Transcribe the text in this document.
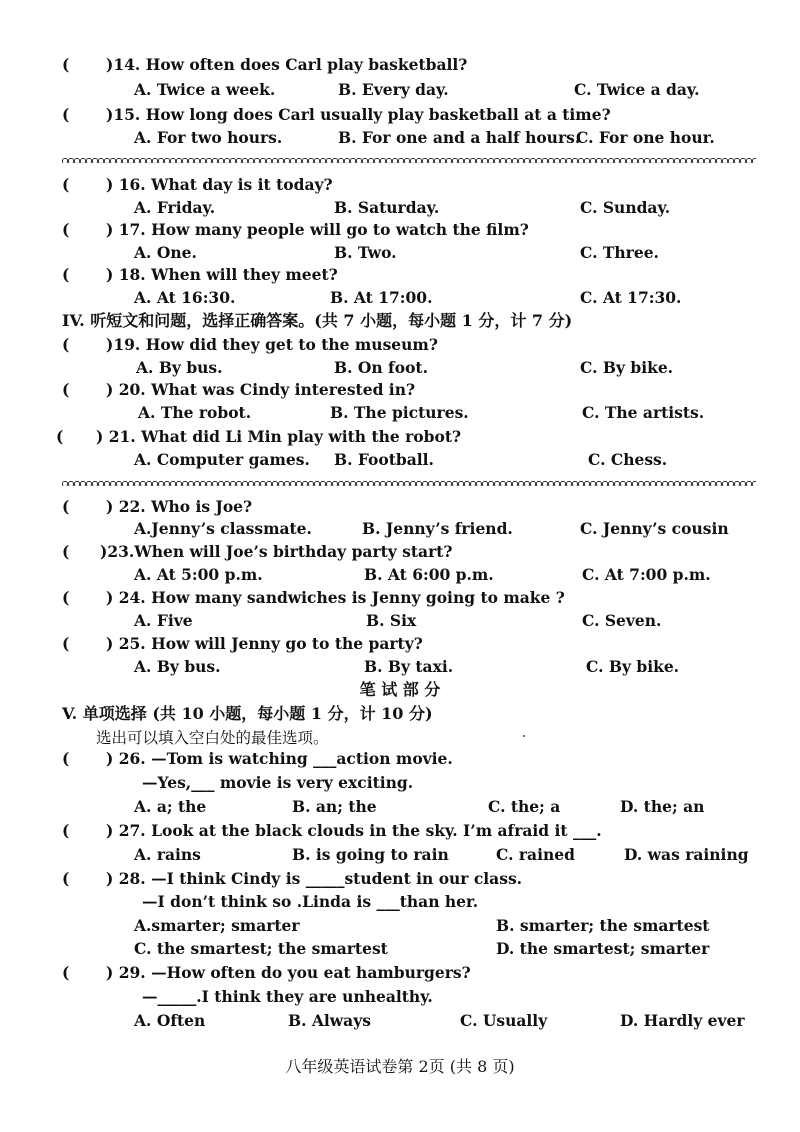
( )14. How often does Carl play basketball?
A. Twice a week.	B. Every day.	C. Twice a day.
( )15. How long does Carl usually play basketball at a time?
A. For two hours.	B. For one and a half hours.
C. For one hour.
( ) 16. What day is it today?
A. Friday.	B. Saturday.	C. Sunday.
( ) 17. How many people will go to watch the film?
A. One.	B. Two.	C. Three.
( ) 18. When will they meet?
A. At 16:30.	B. At 17:00.	C. At 17:30.
IV. 听短文和问题，选择正确答案。(共 7 小题，每小题 1 分，计 7 分)
( )19. How did they get to the museum?
A. By bus.	B. On foot.	C. By bike.
( ) 20. What was Cindy interested in?
A. The robot.	B. The pictures.	C. The artists.
( ) 21. What did Li Min play with the robot?
A. Computer games. B. Football.	C. Chess.
( ) 22. Who is Joe?
A.Jenny’s classmate.	B. Jenny’s friend.	C. Jenny’s cousin
( )23.When will Joe’s birthday party start?
A. At 5:00 p.m.	B. At 6:00 p.m.	C. At 7:00 p.m.
( ) 24. How many sandwiches is Jenny going to make ?
A. Five	B. Six	C. Seven.
( ) 25. How will Jenny go to the party?
A. By bus.	B. By taxi.	C. By bike.
笔 试 部 分
V. 单项选择 (共 10 小题，每小题 1 分，计 10 分)
选出可以填入空白处的最佳选项。
( ) 26. —Tom is watching ___action movie.
—Yes,___ movie is very exciting.
A. a; the	B. an; the	C. the; a	D. the; an
( ) 27. Look at the black clouds in the sky. I’m afraid it ___.
A. rains	B. is going to rain	C. rained	D. was raining
( ) 28. —I think Cindy is _____student in our class.
—I don’t think so .Linda is ___than her.
A.smarter; smarter	B. smarter; the smartest
C. the smartest; the smartest	D. the smartest; smarter
( ) 29. —How often do you eat hamburgers?
—_____.I think they are unhealthy.
A. Often	B. Always	C. Usually	D. Hardly ever
八年级英语试卷第 2页 (共 8 页)
